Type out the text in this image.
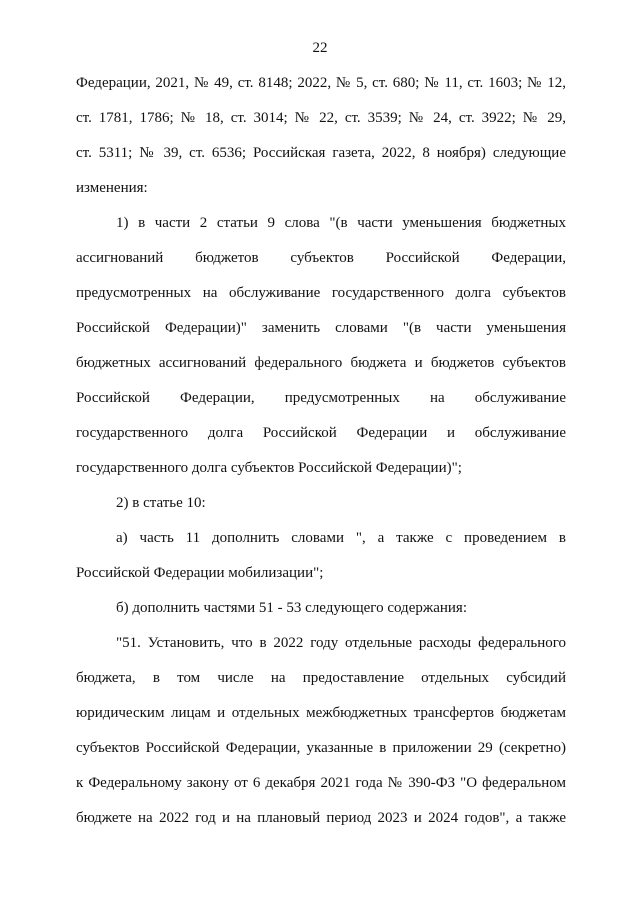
22
Федерации, 2021, № 49, ст. 8148; 2022, № 5, ст. 680; № 11, ст. 1603; № 12,
ст. 1781, 1786; № 18, ст. 3014; № 22, ст. 3539; № 24, ст. 3922; № 29,
ст. 5311; № 39, ст. 6536; Российская газета, 2022, 8 ноября) следующие
изменения:
1) в части 2 статьи 9 слова "(в части уменьшения бюджетных
ассигнований бюджетов субъектов Российской Федерации,
предусмотренных на обслуживание государственного долга субъектов
Российской Федерации)" заменить словами "(в части уменьшения
бюджетных ассигнований федерального бюджета и бюджетов субъектов
Российской Федерации, предусмотренных на обслуживание
государственного долга Российской Федерации и обслуживание
государственного долга субъектов Российской Федерации)";
2) в статье 10:
а) часть 11 дополнить словами ", а также с проведением в
Российской Федерации мобилизации";
б) дополнить частями 51 - 53 следующего содержания:
"51. Установить, что в 2022 году отдельные расходы федерального
бюджета, в том числе на предоставление отдельных субсидий
юридическим лицам и отдельных межбюджетных трансфертов бюджетам
субъектов Российской Федерации, указанные в приложении 29 (секретно)
к Федеральному закону от 6 декабря 2021 года № 390-ФЗ "О федеральном
бюджете на 2022 год и на плановый период 2023 и 2024 годов", а также
